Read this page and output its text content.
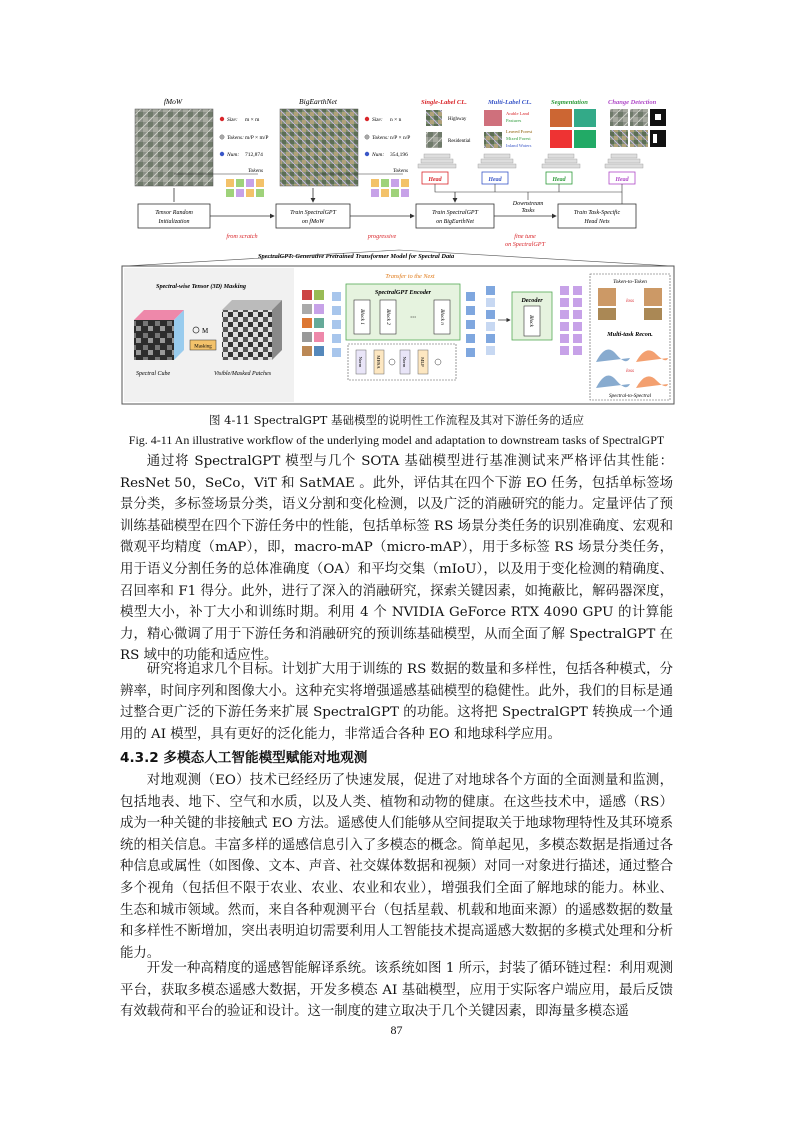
fMoW
Size: m × m
Tokens: m/P × m/P
Num: 712,874
BigEarthNet
Size: n × n
Tokens: n/P × n/P
Num: 354,196
Tokens	Tokens
Single-Label CL.	Multi-Label CL.	Segmentation	Change Detection
Highway
Residential
Arable Land
Pastures
Leaved Forest
Mixed Forest
Inland Waters
Head	Head	Head	Head
Tensor Random
Initialization
Train SpectralGPT
on fMoW
Train SpectralGPT
on BigEarthNet
Train Task-Specific
Head Nets
from scratch	progressive	fine tune
on SpectralGPT
Downstream
Tasks
SpectralGPT: Generative Pretrained Transformer Model for Spectral Data
Spectral-wise Tensor (3D) Masking
Spectral Cube
M
Masking
Visible/Masked Patches
Transfer to the Next
SpectralGPT Encoder
Block 1	Block 2 ···	Block n
Norm	MHSA	Norm	MLP
Decoder
Block
Token-to-Token
loss
Multi-task Recon.
loss
Spectral-to-Spectral
图 4-11 SpectralGPT 基础模型的说明性工作流程及其对下游任务的适应
Fig. 4-11 An illustrative workflow of the underlying model and adaptation to downstream tasks of SpectralGPT

通过将 SpectralGPT 模型与几个 SOTA 基础模型进行基准测试来严格评估其性能：ResNet 50，SeCo，ViT 和 SatMAE 。此外，评估其在四个下游 EO 任务，包括单标签场景分类，多标签场景分类，语义分割和变化检测，以及广泛的消融研究的能力。定量评估了预训练基础模型在四个下游任务中的性能，包括单标签 RS 场景分类任务的识别准确度、宏观和微观平均精度（mAP），即，macro-mAP（micro-mAP），用于多标签 RS 场景分类任务，用于语义分割任务的总体准确度（OA）和平均交集（mIoU），以及用于变化检测的精确度、召回率和 F1 得分。此外，进行了深入的消融研究，探索关键因素，如掩蔽比，解码器深度，模型大小，补丁大小和训练时期。利用 4 个 NVIDIA GeForce RTX 4090 GPU 的计算能力，精心微调了用于下游任务和消融研究的预训练基础模型，从而全面了解 SpectralGPT 在 RS 域中的功能和适应性。

研究将追求几个目标。计划扩大用于训练的 RS 数据的数量和多样性，包括各种模式，分辨率，时间序列和图像大小。这种充实将增强遥感基础模型的稳健性。此外，我们的目标是通过整合更广泛的下游任务来扩展 SpectralGPT 的功能。这将把 SpectralGPT 转换成一个通用的 AI 模型，具有更好的泛化能力，非常适合各种 EO 和地球科学应用。

4.3.2 多模态人工智能模型赋能对地观测

对地观测（EO）技术已经经历了快速发展，促进了对地球各个方面的全面测量和监测，包括地表、地下、空气和水质，以及人类、植物和动物的健康。在这些技术中，遥感（RS）成为一种关键的非接触式 EO 方法。遥感使人们能够从空间提取关于地球物理特性及其环境系统的相关信息。丰富多样的遥感信息引入了多模态的概念。简单起见，多模态数据是指通过各种信息或属性（如图像、文本、声音、社交媒体数据和视频）对同一对象进行描述，通过整合多个视角（包括但不限于农业、农业、农业和农业），增强我们全面了解地球的能力。林业、生态和城市领域。然而，来自各种观测平台（包括星载、机载和地面来源）的遥感数据的数量和多样性不断增加，突出表明迫切需要利用人工智能技术提高遥感大数据的多模式处理和分析能力。

开发一种高精度的遥感智能解译系统。该系统如图 1 所示，封装了循环链过程：利用观测平台，获取多模态遥感大数据，开发多模态 AI 基础模型，应用于实际客户端应用，最后反馈有效载荷和平台的验证和设计。这一制度的建立取决于几个关键因素，即海量多模态遥

87
